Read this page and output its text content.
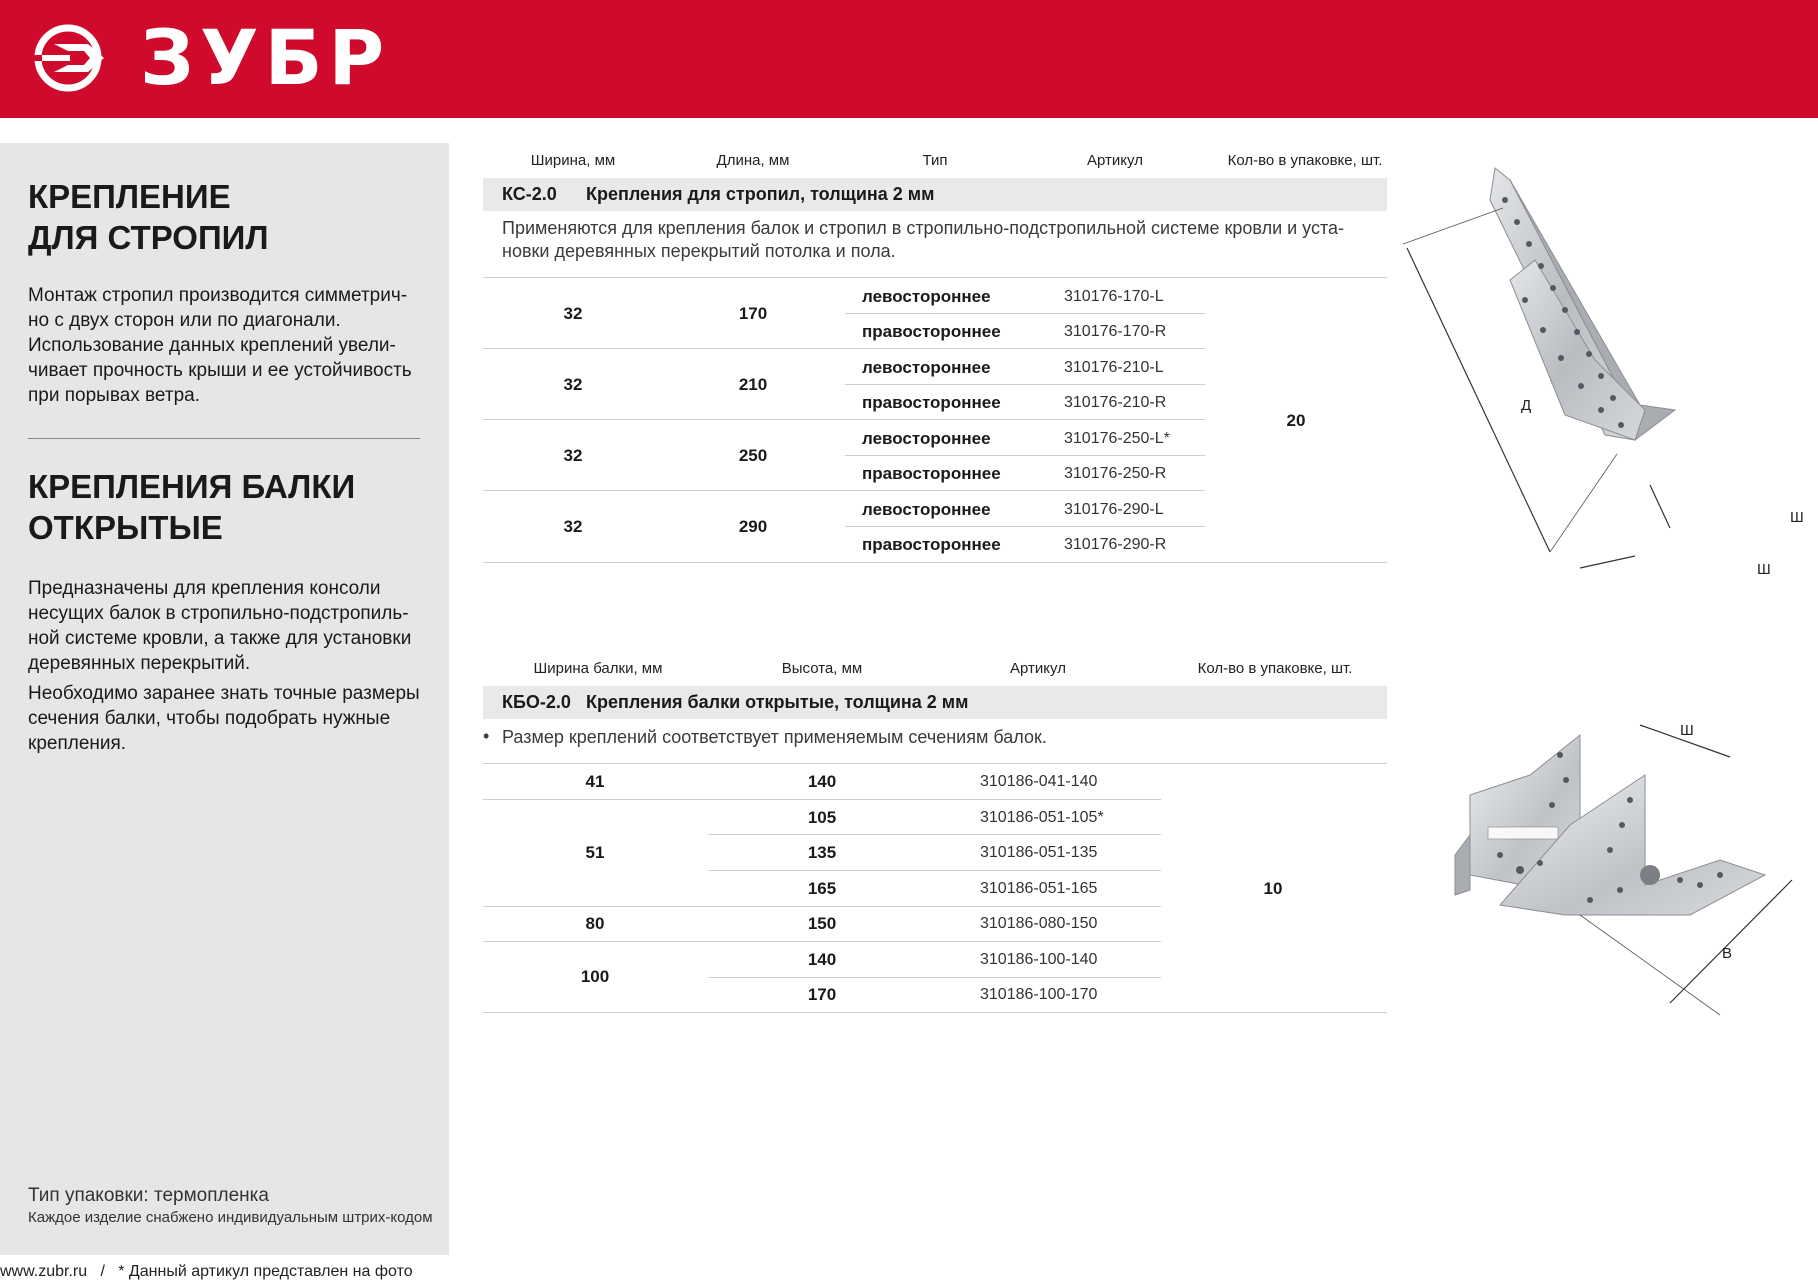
ЗУБР
КРЕПЛЕНИЕ
ДЛЯ СТРОПИЛ
Монтаж стропил производится симметрич-но с двух сторон или по диагонали. Использование данных креплений увели-чивает прочность крыши и ее устойчивость при порывах ветра.
КРЕПЛЕНИЯ БАЛКИ
ОТКРЫТЫЕ
Предназначены для крепления консоли несущих балок в стропильно-подстропиль-ной системе кровли, а также для установки деревянных перекрытий.
Необходимо заранее знать точные размеры сечения балки, чтобы подобрать нужные крепления.
Тип упаковки: термопленка
Каждое изделие снабжено индивидуальным штрих-кодом
www.zubr.ru   /   * Данный артикул представлен на фото
Ширина, мм	Длина, мм	Тип	Артикул	Кол-во в упаковке, шт.
КС-2.0 Крепления для стропил, толщина 2 мм
Применяются для крепления балок и стропил в стропильно-подстропильной системе кровли и уста-новки деревянных перекрытий потолка и пола.
32	170
левостороннее	310176-170-L
правостороннее	310176-170-R
32	210
левостороннее	310176-210-L
правостороннее	310176-210-R
32	250
левостороннее	310176-250-L*
правостороннее	310176-250-R
32	290
левостороннее	310176-290-L
правостороннее	310176-290-R
20
Ширина балки, мм	Высота, мм	Артикул	Кол-во в упаковке, шт.
КБО-2.0 Крепления балки открытые, толщина 2 мм
• Размер креплений соответствует применяемым сечениям балок.
41	140	310186-041-140
51
105	310186-051-105*
135	310186-051-135
165	310186-051-165
80	150	310186-080-150
100
140	310186-100-140
170	310186-100-170
10
Д
Ш
Ш
Ш
В
